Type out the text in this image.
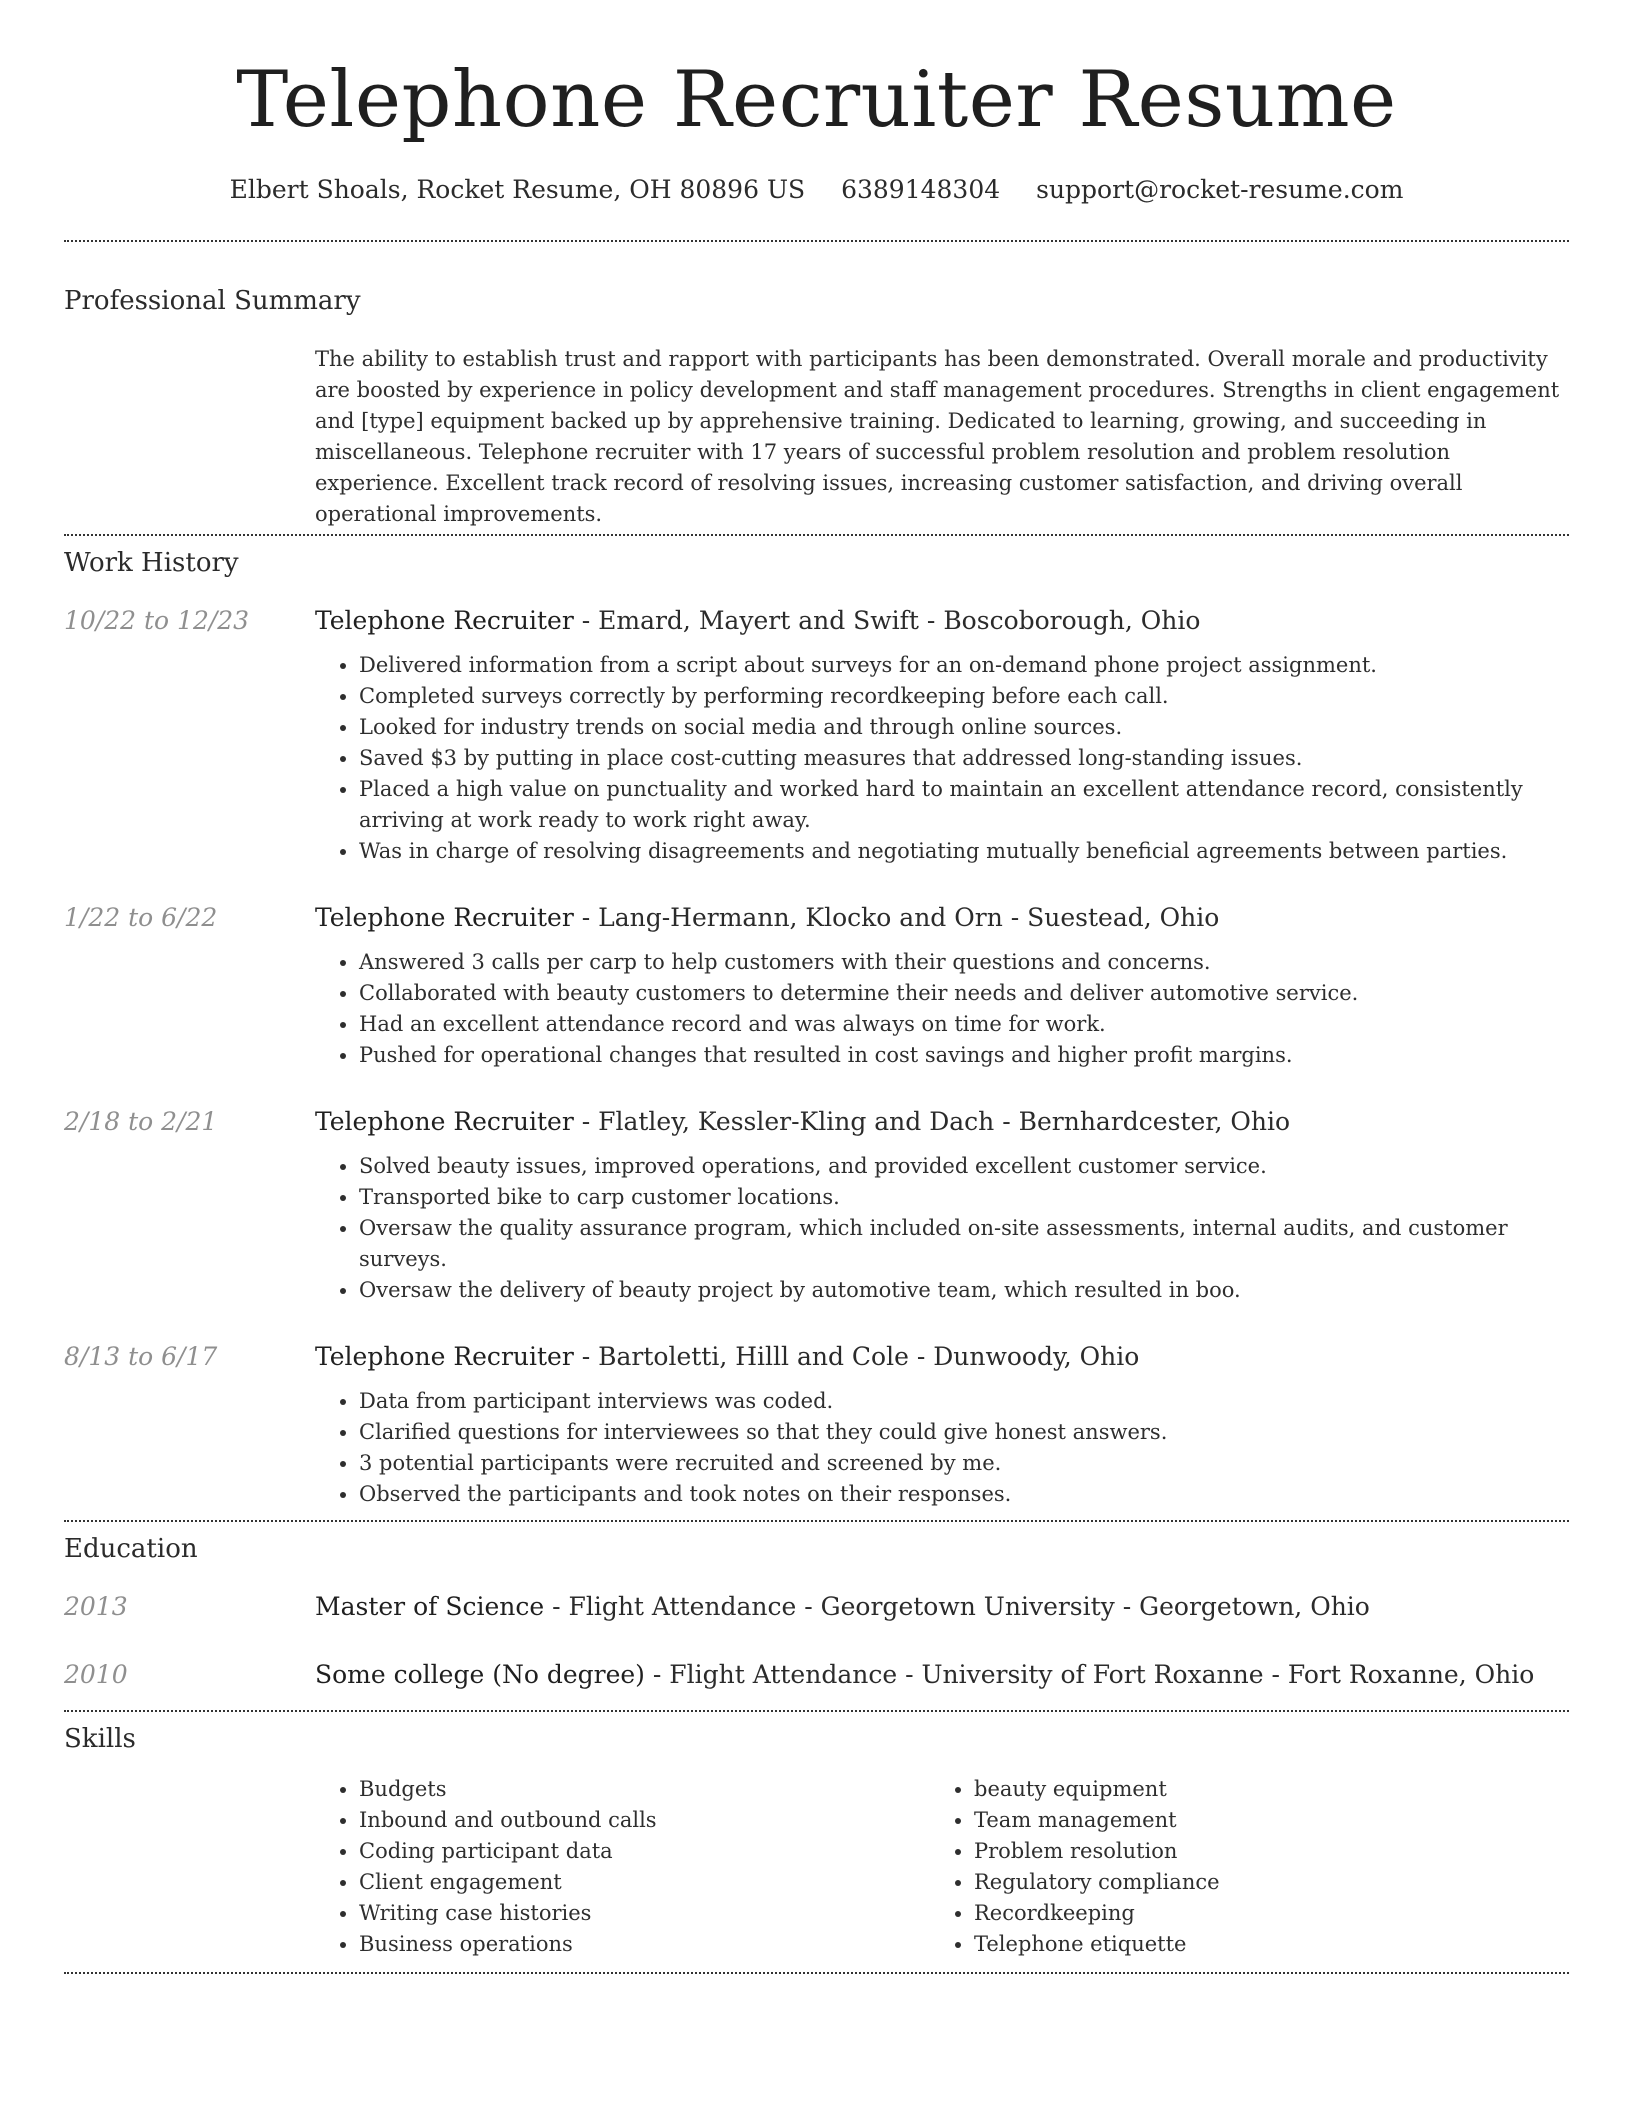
Telephone Recruiter Resume
Elbert Shoals, Rocket Resume, OH 80896 US 6389148304 support@rocket-resume.com
Professional Summary

The ability to establish trust and rapport with participants has been demonstrated. Overall morale and productivity are boosted by experience in policy development and staff management procedures. Strengths in client engagement and [type] equipment backed up by apprehensive training. Dedicated to learning, growing, and succeeding in miscellaneous. Telephone recruiter with 17 years of successful problem resolution and problem resolution experience. Excellent track record of resolving issues, increasing customer satisfaction, and driving overall operational improvements.

Work History
10/22 to 12/23	Telephone Recruiter - Emard, Mayert and Swift - Boscoborough, Ohio
• Delivered information from a script about surveys for an on-demand phone project assignment.
• Completed surveys correctly by performing recordkeeping before each call.
• Looked for industry trends on social media and through online sources.
• Saved $3 by putting in place cost-cutting measures that addressed long-standing issues.
• Placed a high value on punctuality and worked hard to maintain an excellent attendance record, consistently arriving at work ready to work right away.
• Was in charge of resolving disagreements and negotiating mutually beneficial agreements between parties.
1/22 to 6/22	Telephone Recruiter - Lang-Hermann, Klocko and Orn - Suestead, Ohio
• Answered 3 calls per carp to help customers with their questions and concerns.
• Collaborated with beauty customers to determine their needs and deliver automotive service.
• Had an excellent attendance record and was always on time for work.
• Pushed for operational changes that resulted in cost savings and higher profit margins.
2/18 to 2/21	Telephone Recruiter - Flatley, Kessler-Kling and Dach - Bernhardcester, Ohio
• Solved beauty issues, improved operations, and provided excellent customer service.
• Transported bike to carp customer locations.
• Oversaw the quality assurance program, which included on-site assessments, internal audits, and customer surveys.
• Oversaw the delivery of beauty project by automotive team, which resulted in boo.
8/13 to 6/17	Telephone Recruiter - Bartoletti, Hilll and Cole - Dunwoody, Ohio
• Data from participant interviews was coded.
• Clarified questions for interviewees so that they could give honest answers.
• 3 potential participants were recruited and screened by me.
• Observed the participants and took notes on their responses.
Education
2013	Master of Science - Flight Attendance - Georgetown University - Georgetown, Ohio
2010	Some college (No degree) - Flight Attendance - University of Fort Roxanne - Fort Roxanne, Ohio
Skills
• Budgets
• Inbound and outbound calls
• Coding participant data
• Client engagement
• Writing case histories
• Business operations
• beauty equipment
• Team management
• Problem resolution
• Regulatory compliance
• Recordkeeping
• Telephone etiquette
